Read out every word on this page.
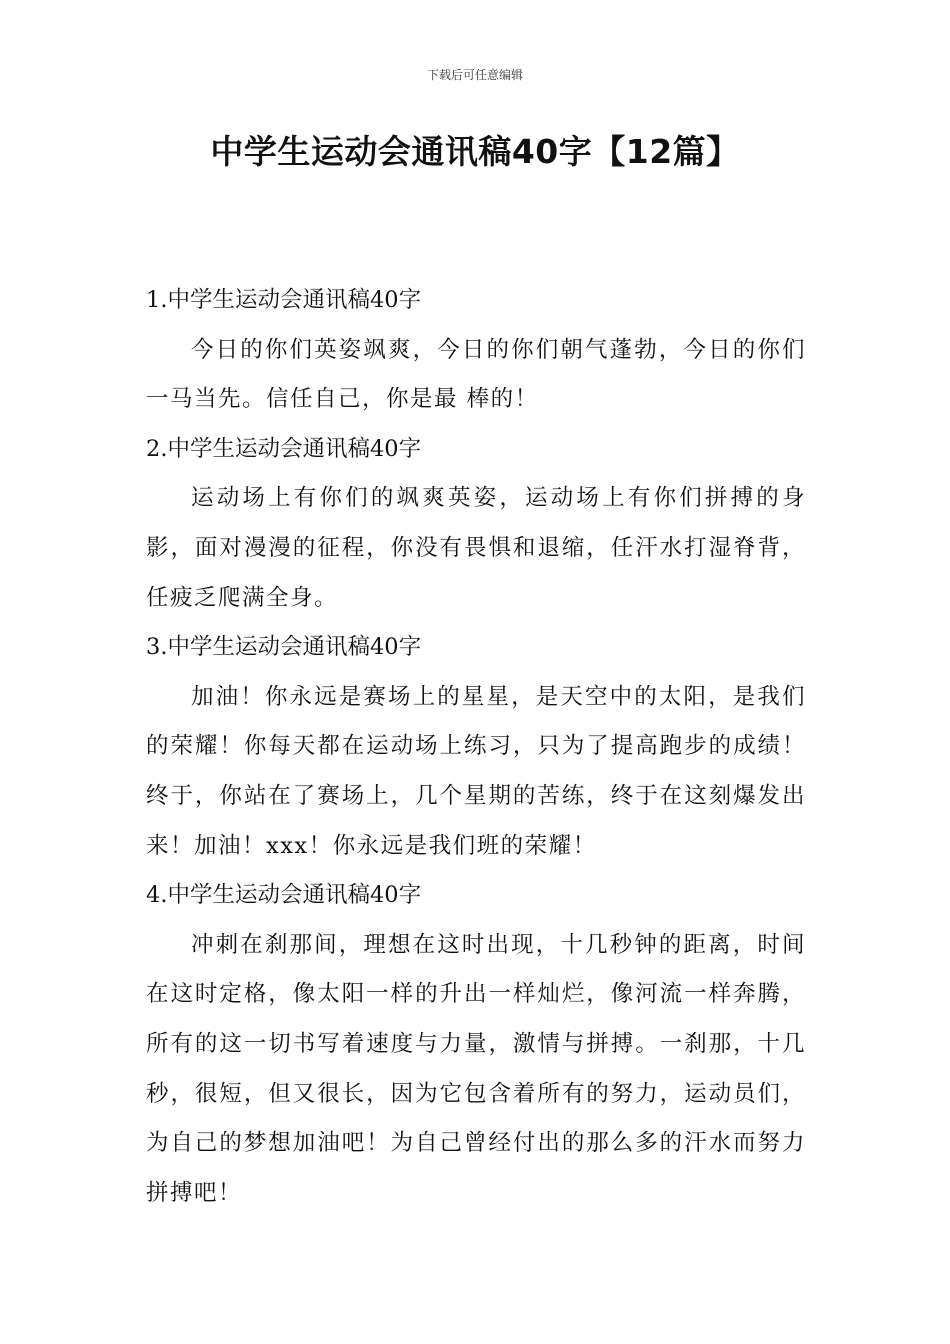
下载后可任意编辑
中学生运动会通讯稿40字【12篇】

1.中学生运动会通讯稿40字

今日的你们英姿飒爽，今日的你们朝气蓬勃，今日的你们一马当先。信任自己，你是最 棒的！

2.中学生运动会通讯稿40字

运动场上有你们的飒爽英姿，运动场上有你们拼搏的身影，面对漫漫的征程，你没有畏惧和退缩，任汗水打湿脊背，任疲乏爬满全身。

3.中学生运动会通讯稿40字

加油！你永远是赛场上的星星，是天空中的太阳，是我们的荣耀！你每天都在运动场上练习，只为了提高跑步的成绩！终于，你站在了赛场上，几个星期的苦练，终于在这刻爆发出来！加油！xxx！你永远是我们班的荣耀！

4.中学生运动会通讯稿40字

冲刺在刹那间，理想在这时出现，十几秒钟的距离，时间在这时定格，像太阳一样的升出一样灿烂，像河流一样奔腾，所有的这一切书写着速度与力量，激情与拼搏。一刹那，十几秒，很短，但又很长，因为它包含着所有的努力，运动员们，为自己的梦想加油吧！为自己曾经付出的那么多的汗水而努力拼搏吧！
